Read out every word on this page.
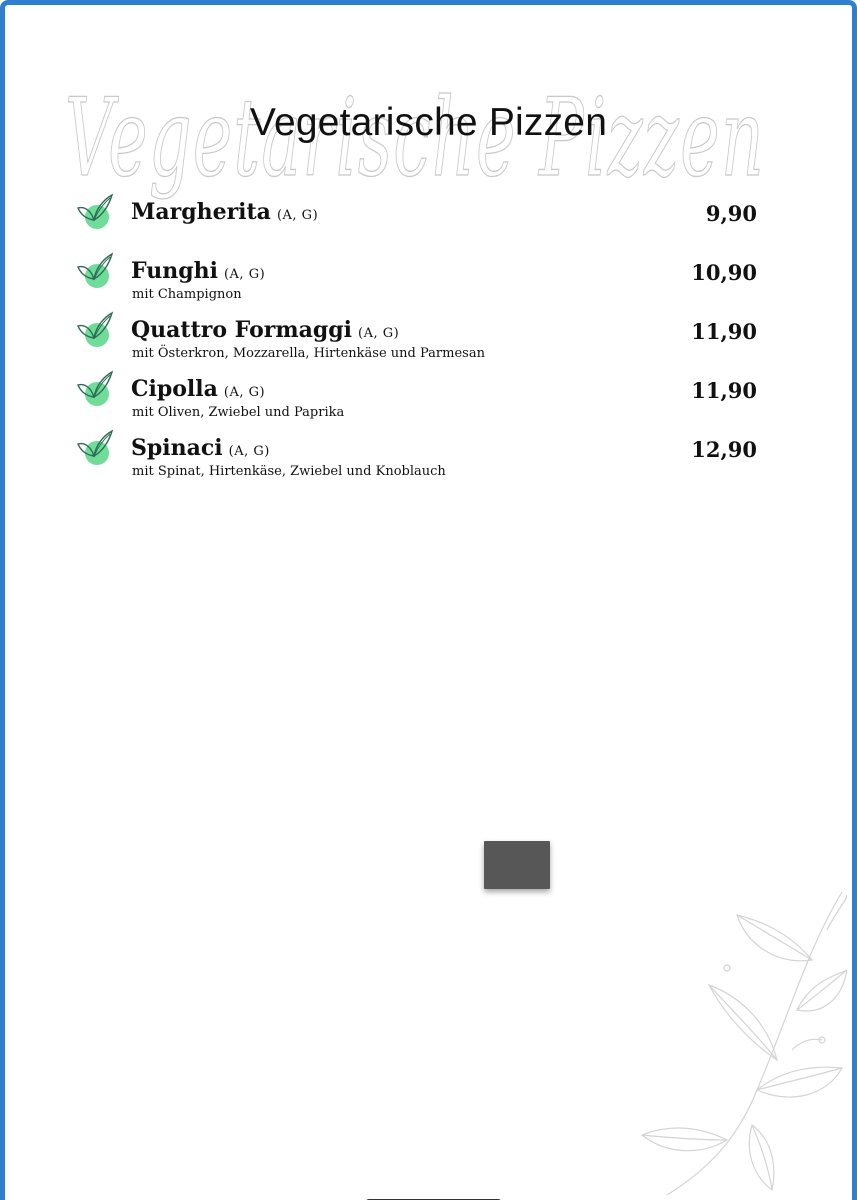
Vegetarische Pizzen
Vegetarische Pizzen
Margherita (A, G)	9,90
Funghi (A, G)
mit Champignon
10,90
Quattro Formaggi (A, G)
mit Österkron, Mozzarella, Hirtenkäse und Parmesan
11,90
Cipolla (A, G)
mit Oliven, Zwiebel und Paprika
11,90
Spinaci (A, G)
mit Spinat, Hirtenkäse, Zwiebel und Knoblauch
12,90
